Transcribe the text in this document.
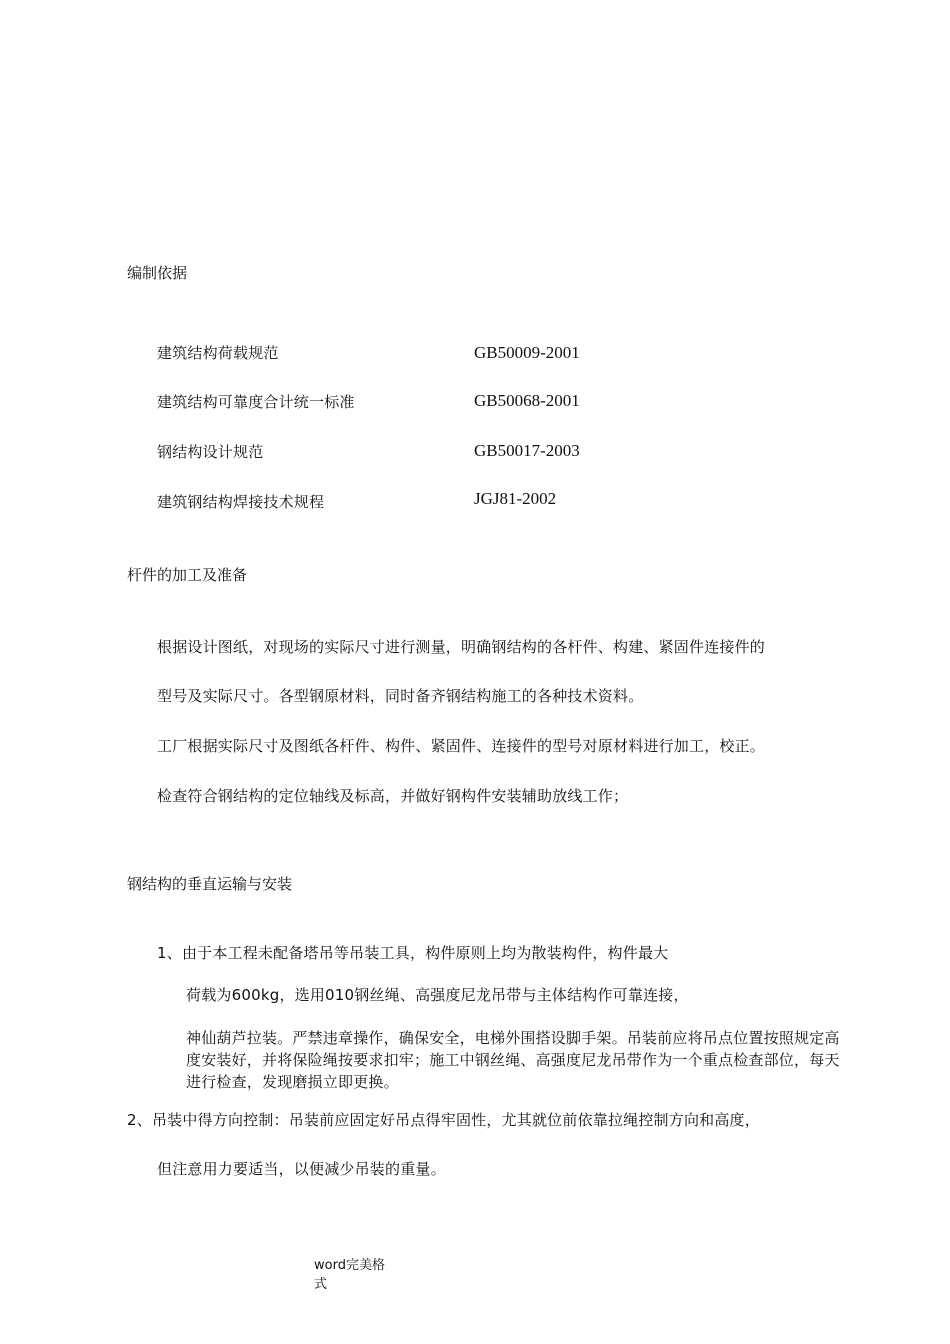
编制依据
建筑结构荷载规范	GB50009-2001
建筑结构可靠度合计统一标准	GB50068-2001
钢结构设计规范	GB50017-2003
建筑钢结构焊接技术规程	JGJ81-2002
杆件的加工及准备
根据设计图纸，对现场的实际尺寸进行测量，明确钢结构的各杆件、构建、紧固件连接件的
型号及实际尺寸。各型钢原材料，同时备齐钢结构施工的各种技术资料。
工厂根据实际尺寸及图纸各杆件、构件、紧固件、连接件的型号对原材料进行加工，校正。
检查符合钢结构的定位轴线及标高，并做好钢构件安装辅助放线工作；
钢结构的垂直运输与安装
1、由于本工程未配备塔吊等吊装工具，构件原则上均为散装构件，构件最大
荷载为600kg，选用010钢丝绳、高强度尼龙吊带与主体结构作可靠连接，
神仙葫芦拉装。严禁违章操作，确保安全，电梯外围搭设脚手架。吊装前应将吊点位置按照规定高度安装好，并将保险绳按要求扣牢；施工中钢丝绳、高强度尼龙吊带作为一个重点检查部位，每天进行检查，发现磨损立即更换。
2、吊装中得方向控制：吊装前应固定好吊点得牢固性，尤其就位前依靠拉绳控制方向和高度，
但注意用力要适当，以便减少吊装的重量。
word完美格式
